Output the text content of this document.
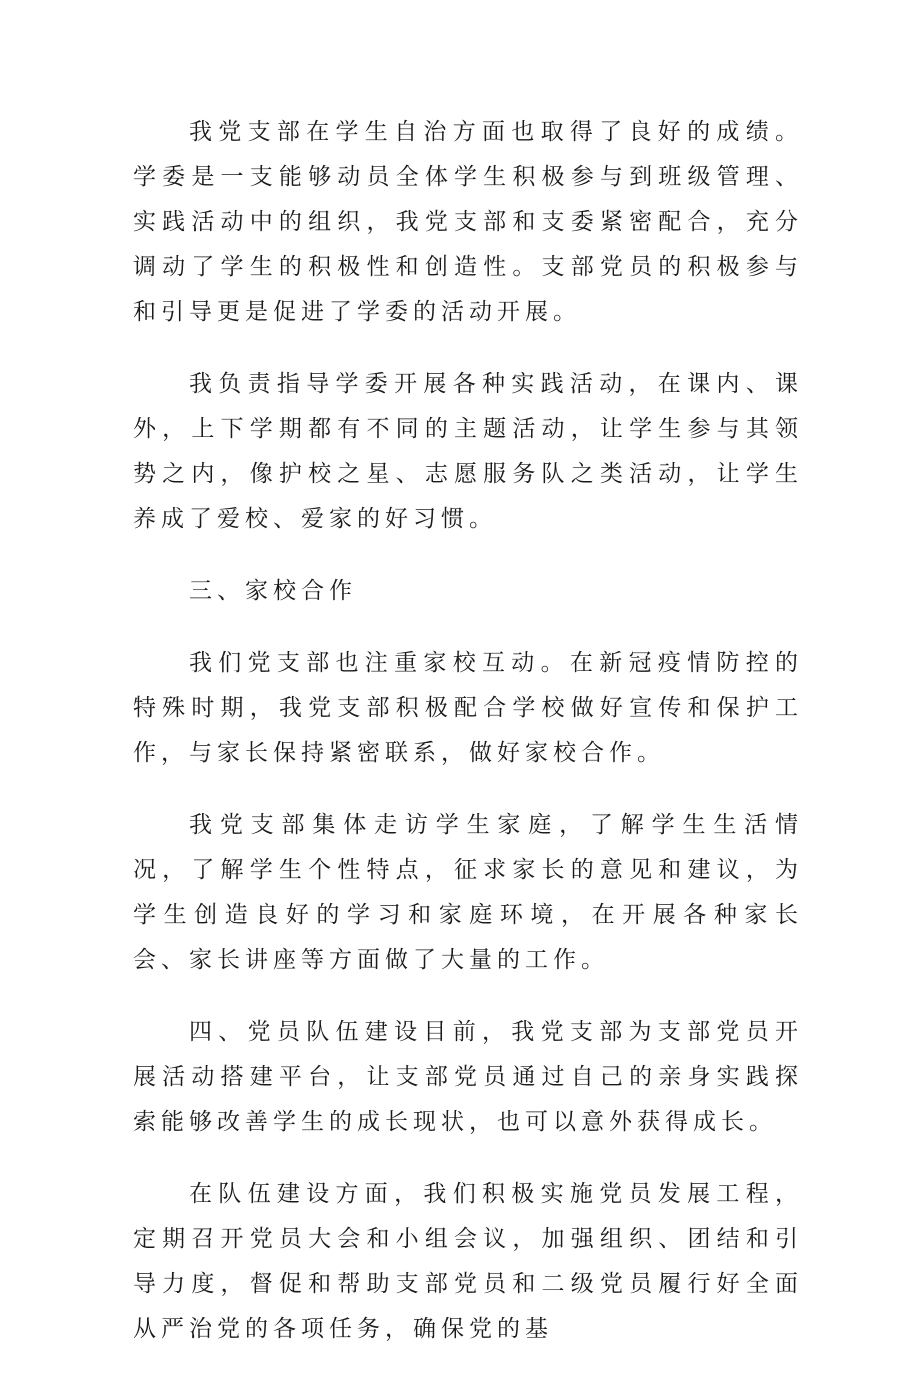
我党支部在学生自治方面也取得了良好的成绩。学委是一支能够动员全体学生积极参与到班级管理、实践活动中的组织，我党支部和支委紧密配合，充分调动了学生的积极性和创造性。支部党员的积极参与和引导更是促进了学委的活动开展。

我负责指导学委开展各种实践活动，在课内、课外，上下学期都有不同的主题活动，让学生参与其领势之内，像护校之星、志愿服务队之类活动，让学生养成了爱校、爱家的好习惯。

三、家校合作

我们党支部也注重家校互动。在新冠疫情防控的特殊时期，我党支部积极配合学校做好宣传和保护工作，与家长保持紧密联系，做好家校合作。

我党支部集体走访学生家庭，了解学生生活情况，了解学生个性特点，征求家长的意见和建议，为学生创造良好的学习和家庭环境，在开展各种家长会、家长讲座等方面做了大量的工作。

四、党员队伍建设目前，我党支部为支部党员开展活动搭建平台，让支部党员通过自己的亲身实践探索能够改善学生的成长现状，也可以意外获得成长。

在队伍建设方面，我们积极实施党员发展工程，定期召开党员大会和小组会议，加强组织、团结和引导力度，督促和帮助支部党员和二级党员履行好全面从严治党的各项任务，确保党的基
